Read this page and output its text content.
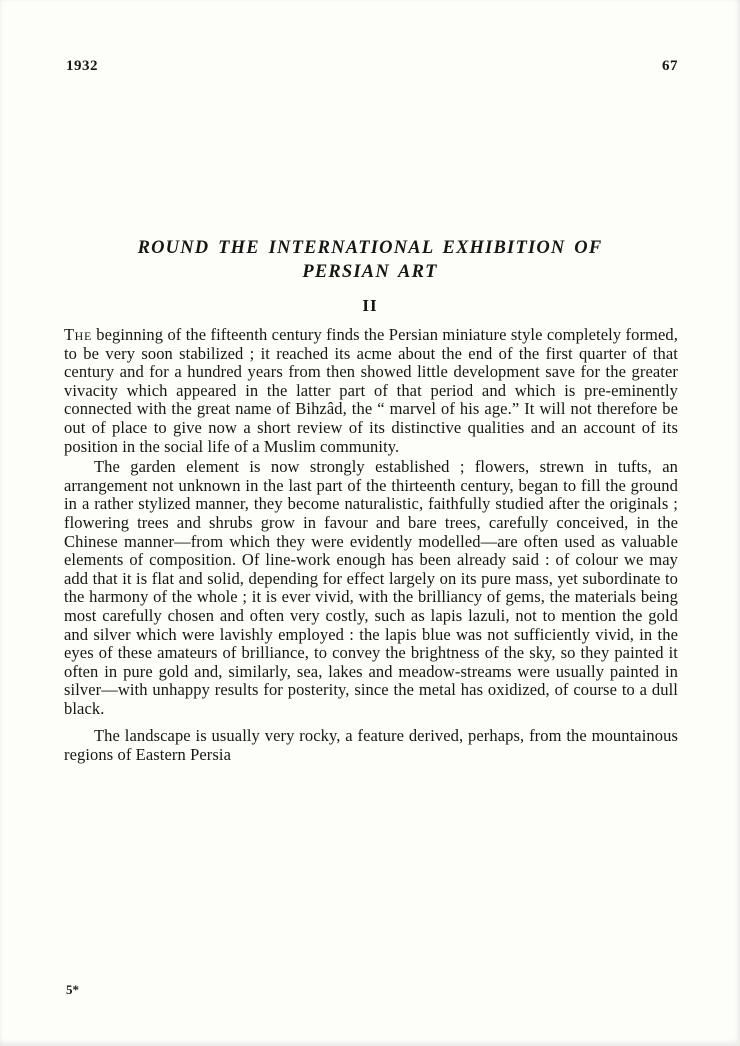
1932	67
ROUND THE INTERNATIONAL EXHIBITION OF
PERSIAN ART
II

The beginning of the fifteenth century finds the Persian miniature style completely formed, to be very soon stabilized ; it reached its acme about the end of the first quarter of that century and for a hundred years from then showed little development save for the greater vivacity which appeared in the latter part of that period and which is pre-eminently connected with the great name of Bihzâd, the “ marvel of his age.” It will not therefore be out of place to give now a short review of its distinctive qualities and an account of its position in the social life of a Muslim community.

The garden element is now strongly established ; flowers, strewn in tufts, an arrangement not unknown in the last part of the thirteenth century, began to fill the ground in a rather stylized manner, they become naturalistic, faithfully studied after the originals ; flowering trees and shrubs grow in favour and bare trees, carefully conceived, in the Chinese manner—from which they were evidently modelled—are often used as valuable elements of composition. Of line-work enough has been already said : of colour we may add that it is flat and solid, depending for effect largely on its pure mass, yet subordinate to the harmony of the whole ; it is ever vivid, with the brilliancy of gems, the materials being most carefully chosen and often very costly, such as lapis lazuli, not to mention the gold and silver which were lavishly employed : the lapis blue was not sufficiently vivid, in the eyes of these amateurs of brilliance, to convey the brightness of the sky, so they painted it often in pure gold and, similarly, sea, lakes and meadow-streams were usually painted in silver—with unhappy results for posterity, since the metal has oxidized, of course to a dull black.

The landscape is usually very rocky, a feature derived, perhaps, from the mountainous regions of Eastern Persia

5*
